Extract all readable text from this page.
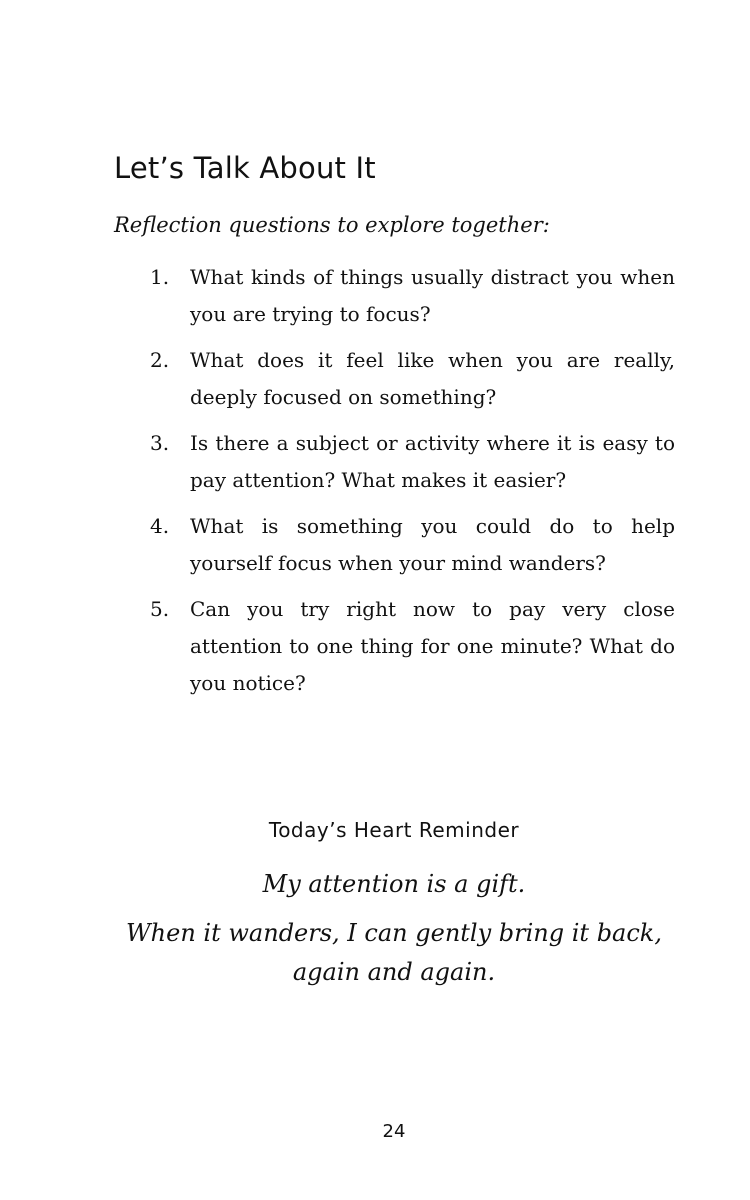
Let’s Talk About It

Reflection questions to explore together:

1. What kinds of things usually distract you when you are trying to focus?
2. What does it feel like when you are really, deeply focused on something?
3. Is there a subject or activity where it is easy to pay attention? What makes it easier?
4. What is something you could do to help yourself focus when your mind wanders?
5. Can you try right now to pay very close attention to one thing for one minute? What do you notice?

Today’s Heart Reminder

My attention is a gift.

When it wanders, I can gently bring it back,

again and again.

24
